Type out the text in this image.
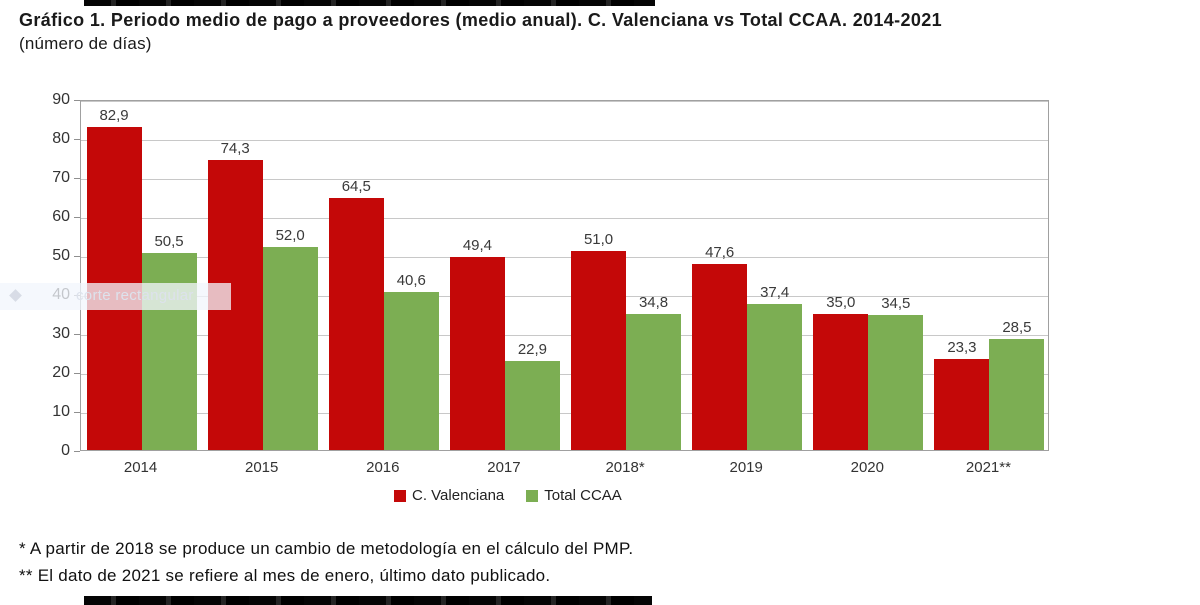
Gráfico 1. Periodo medio de pago a proveedores (medio anual). C. Valenciana vs Total CCAA. 2014-2021
(número de días)
82,9
50,5
74,3
52,0
64,5
40,6
49,4
22,9
51,0
34,8
47,6
37,4
35,0	34,5
23,3
28,5
2014	2015	2016	2017	2018*	2019	2020	2021**
C. Valenciana	Total CCAA
* A partir de 2018 se produce un cambio de metodología en el cálculo del PMP.
** El dato de 2021 se refiere al mes de enero, último dato publicado.
corte rectangular
0
10
20
30
50
60
70
80
90
